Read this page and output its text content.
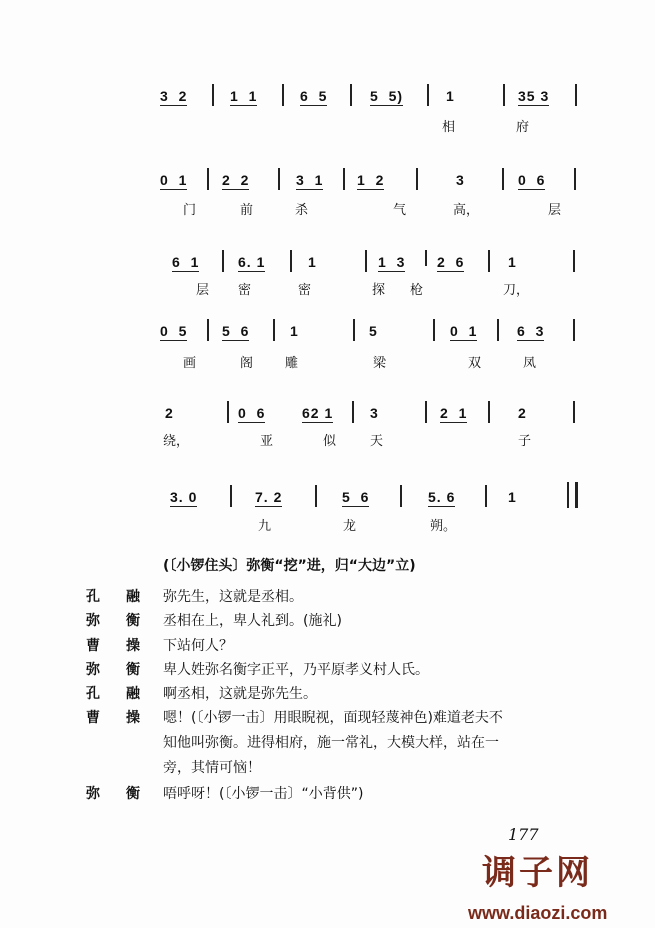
3  2	1  1	6  5	5  5)	1	35 3
相	府
0  1 2  2	3  1 1  2	3	0  6
门	前	杀	气	高，	层
6  1	6. 1	1	1  3 2  6	1
层 密	密	探 枪	刀，
0  5 5  6	1	5	0  1	6  3
画	阁 雕	梁	双	凤
2	0  6	62 1	3	2  1	2
绕，	亚	似	天	子
3. 0	7. 2	5  6	5. 6	1
九	龙	朔。
(〔小锣住头〕弥衡“挖”进，归“大边”立)
孔 融 弥先生，这就是丞相。
弥 衡 丞相在上，卑人礼到。(施礼)
曹 操 下站何人？
弥 衡 卑人姓弥名衡字正平，乃平原孝义村人氏。
孔 融 啊丞相，这就是弥先生。
曹 操 嗯！(〔小锣一击〕用眼睨视，面现轻蔑神色)难道老夫不
知他叫弥衡。进得相府，施一常礼，大模大样，站在一
旁，其情可恼！
弥 衡 唔呼呀！(〔小锣一击〕“小背供”)
177
调子网
www.diaozi.com
